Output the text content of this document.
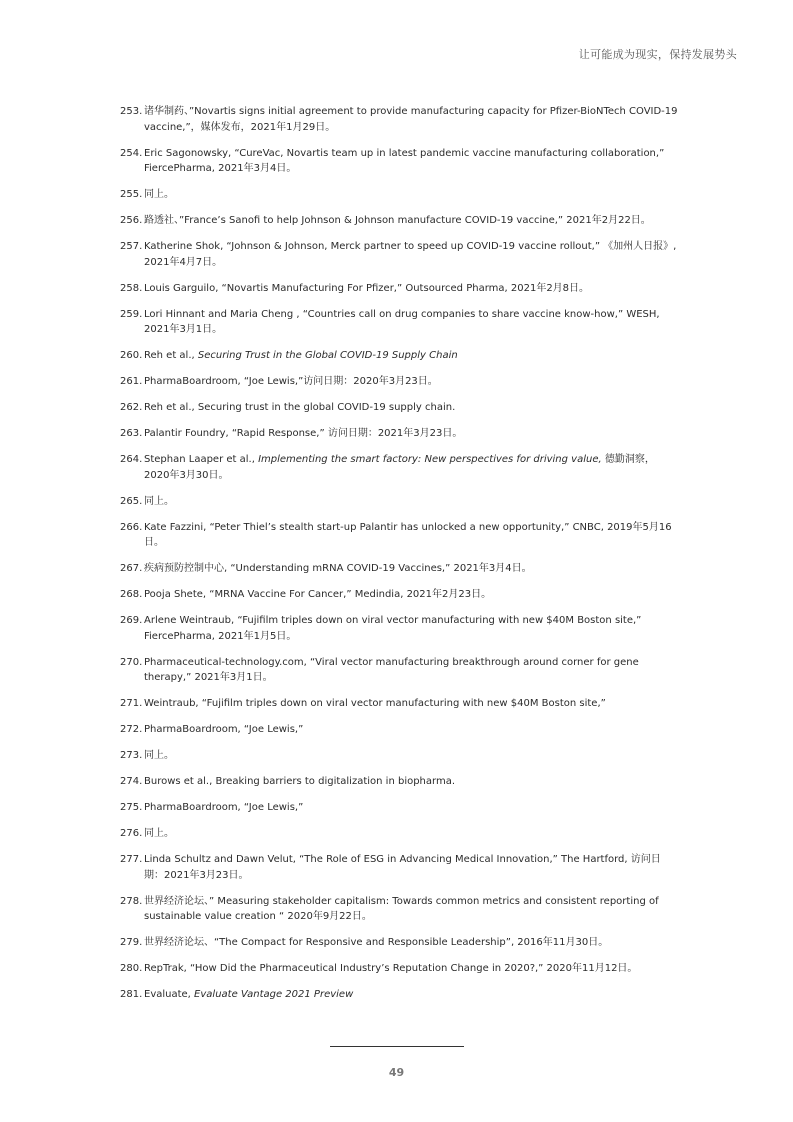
让可能成为现实，保持发展势头
253. 诸华制药、”Novartis signs initial agreement to provide manufacturing capacity for Pfizer-BioNTech COVID-19 vaccine,”，媒体发布，2021年1月29日。
254. Eric Sagonowsky, “CureVac, Novartis team up in latest pandemic vaccine manufacturing collaboration,” FiercePharma, 2021年3月4日。
255. 同上。
256. 路透社、”France’s Sanofi to help Johnson & Johnson manufacture COVID-19 vaccine,” 2021年2月22日。
257. Katherine Shok, “Johnson & Johnson, Merck partner to speed up COVID-19 vaccine rollout,” 《加州人日报》, 2021年4月7日。
258. Louis Garguilo, “Novartis Manufacturing For Pfizer,” Outsourced Pharma, 2021年2月8日。
259. Lori Hinnant and Maria Cheng , “Countries call on drug companies to share vaccine know-how,” WESH, 2021年3月1日。
260. Reh et al., Securing Trust in the Global COVID-19 Supply Chain
261. PharmaBoardroom, “Joe Lewis,”访问日期：2020年3月23日。
262. Reh et al., Securing trust in the global COVID-19 supply chain.
263. Palantir Foundry, “Rapid Response,” 访问日期：2021年3月23日。
264. Stephan Laaper et al., Implementing the smart factory: New perspectives for driving value, 德勤洞察，2020年3月30日。
265. 同上。
266. Kate Fazzini, “Peter Thiel’s stealth start-up Palantir has unlocked a new opportunity,” CNBC, 2019年5月16日。
267. 疾病预防控制中心, “Understanding mRNA COVID-19 Vaccines,” 2021年3月4日。
268. Pooja Shete, “MRNA Vaccine For Cancer,” Medindia, 2021年2月23日。
269. Arlene Weintraub, “Fujifilm triples down on viral vector manufacturing with new $40M Boston site,” FiercePharma, 2021年1月5日。
270. Pharmaceutical-technology.com, “Viral vector manufacturing breakthrough around corner for gene therapy,” 2021年3月1日。
271. Weintraub, “Fujifilm triples down on viral vector manufacturing with new $40M Boston site,”
272. PharmaBoardroom, “Joe Lewis,”
273. 同上。
274. Burows et al., Breaking barriers to digitalization in biopharma.
275. PharmaBoardroom, “Joe Lewis,”
276. 同上。
277. Linda Schultz and Dawn Velut, “The Role of ESG in Advancing Medical Innovation,” The Hartford, 访问日期：2021年3月23日。
278. 世界经济论坛、” Measuring stakeholder capitalism: Towards common metrics and consistent reporting of sustainable value creation “ 2020年9月22日。
279. 世界经济论坛、“The Compact for Responsive and Responsible Leadership”, 2016年11月30日。
280. RepTrak, “How Did the Pharmaceutical Industry’s Reputation Change in 2020?,” 2020年11月12日。
281. Evaluate, Evaluate Vantage 2021 Preview
49
